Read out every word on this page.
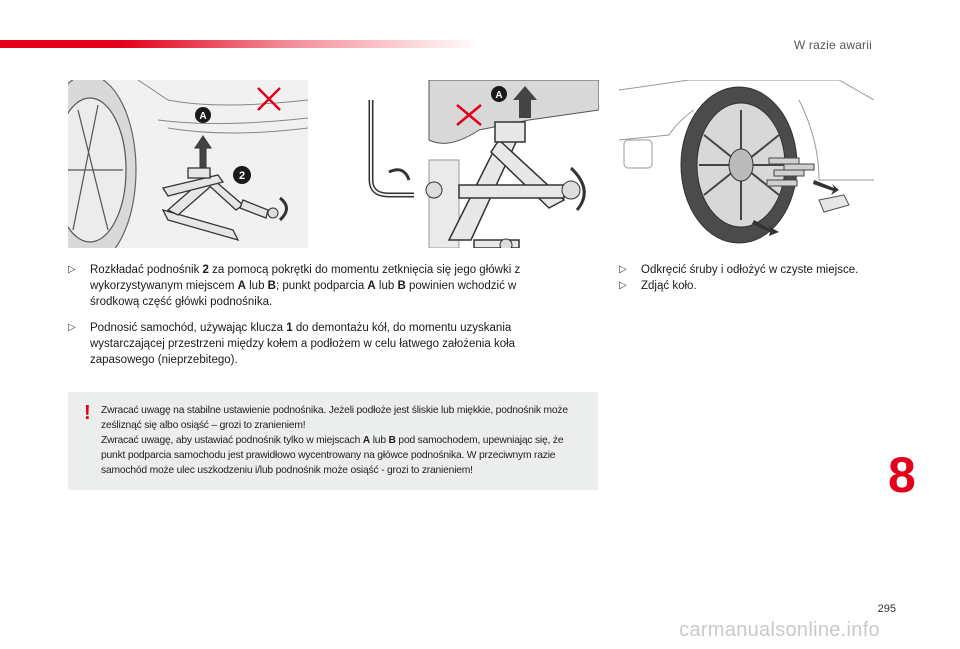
W razie awarii
A
2
A
▷ Rozkładać podnośnik 2 za pomocą pokrętki do momentu zetknięcia się jego główki z wykorzystywanym miejscem A lub B; punkt podparcia A lub B powinien wchodzić w środkową część główki podnośnika.
▷ Podnosić samochód, używając klucza 1 do demontażu kół, do momentu uzyskania wystarczającej przestrzeni między kołem a podłożem w celu łatwego założenia koła zapasowego (nieprzebitego).
▷ Odkręcić śruby i odłożyć w czyste miejsce.
▷ Zdjąć koło.
! Zwracać uwagę na stabilne ustawienie podnośnika. Jeżeli podłoże jest śliskie lub miękkie, podnośnik może ześliznąć się albo osiąść – grozi to zranieniem!
Zwracać uwagę, aby ustawiać podnośnik tylko w miejscach A lub B pod samochodem, upewniając się, że punkt podparcia samochodu jest prawidłowo wycentrowany na główce podnośnika. W przeciwnym razie samochód może ulec uszkodzeniu i/lub podnośnik może osiąść - grozi to zranieniem!	8
295
carmanualsonline.info
